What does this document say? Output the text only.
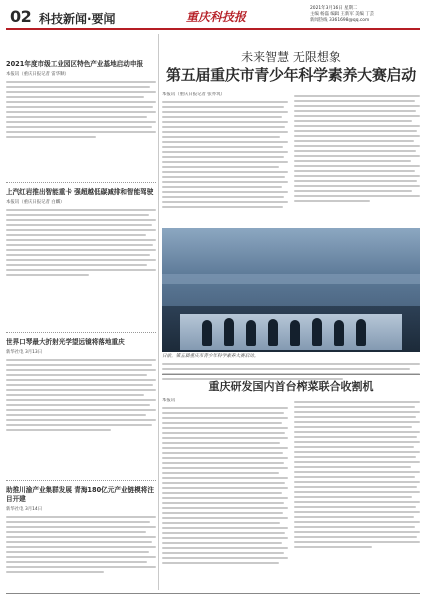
02 科技新闻·要闻	重庆科技报
2021年3月16日 星期二
主编 杨磊 编辑 王新军 美编 丁芸
新闻热线 3361698@qq.com
2021年度市级工业园区特色产业基地启动申报
本报讯（重庆日报记者 雷华顺）
上汽红岩推出智能重卡 强超越低碳减排和智能驾驶
本报讯（重庆日报记者 白麟）
世界口琴最大折射光学望远镜将落地重庆
新华社电 3月13日
助推川渝产业集群发展 青海180亿元产业链模将注目开建
新华社电 3月14日
未来智慧 无限想象
第五届重庆市青少年科学素养大赛启动
本报讯（重庆日报记者 张亦筑）
日前，第五届重庆市青少年科学素养大赛启动。
重庆研发国内首台榨菜联合收割机
本报讯
